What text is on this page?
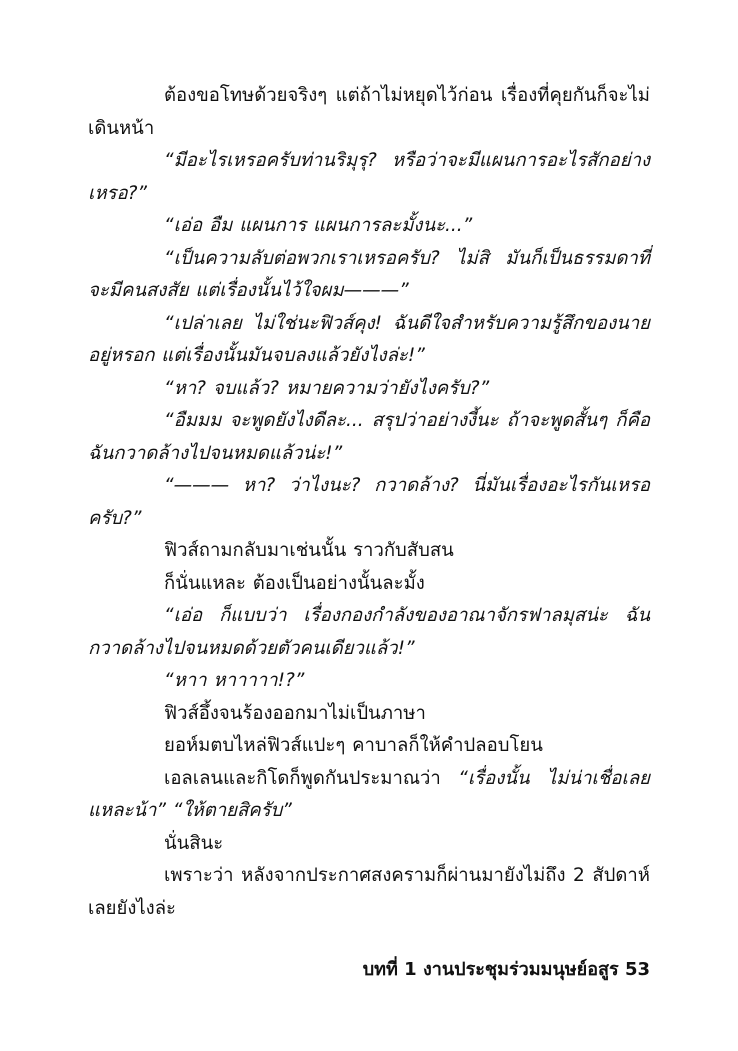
ต้องขอโทษด้วยจริงๆ แต่ถ้าไม่หยุดไว้ก่อน เรื่องที่คุยกันก็จะไม่เดินหน้า

“มีอะไรเหรอครับท่านริมุรุ? หรือว่าจะมีแผนการอะไรสักอย่างเหรอ?”

“เอ่อ อืม แผนการ แผนการละมั้งนะ...”

“เป็นความลับต่อพวกเราเหรอครับ? ไม่สิ มันก็เป็นธรรมดาที่จะมีคนสงสัย แต่เรื่องนั้นไว้ใจผม———”

“เปล่าเลย ไม่ใช่นะฟิวส์คุง! ฉันดีใจสำหรับความรู้สึกของนายอยู่หรอก แต่เรื่องนั้นมันจบลงแล้วยังไงล่ะ!”

“หา? จบแล้ว? หมายความว่ายังไงครับ?”

“อืมมม จะพูดยังไงดีละ... สรุปว่าอย่างงี้นะ ถ้าจะพูดสั้นๆ ก็คือฉันกวาดล้างไปจนหมดแล้วน่ะ!”

“——— หา? ว่าไงนะ? กวาดล้าง? นี่มันเรื่องอะไรกันเหรอครับ?”

ฟิวส์ถามกลับมาเช่นนั้น ราวกับสับสน

ก็นั่นแหละ ต้องเป็นอย่างนั้นละมั้ง

“เอ่อ ก็แบบว่า เรื่องกองกำลังของอาณาจักรฟาลมุสน่ะ ฉันกวาดล้างไปจนหมดด้วยตัวคนเดียวแล้ว!”

“หาา หาาาาา!?”

ฟิวส์อึ้งจนร้องออกมาไม่เป็นภาษา

ยอห์มตบไหล่ฟิวส์แปะๆ คาบาลก็ให้คำปลอบโยน

เอลเลนและกิโดก็พูดกันประมาณว่า “เรื่องนั้น ไม่น่าเชื่อเลยแหละน้า” “ให้ตายสิครับ”

นั่นสินะ

เพราะว่า หลังจากประกาศสงครามก็ผ่านมายังไม่ถึง 2 สัปดาห์เลยยังไงล่ะ

บทที่ 1 งานประชุมร่วมมนุษย์อสูร 53
